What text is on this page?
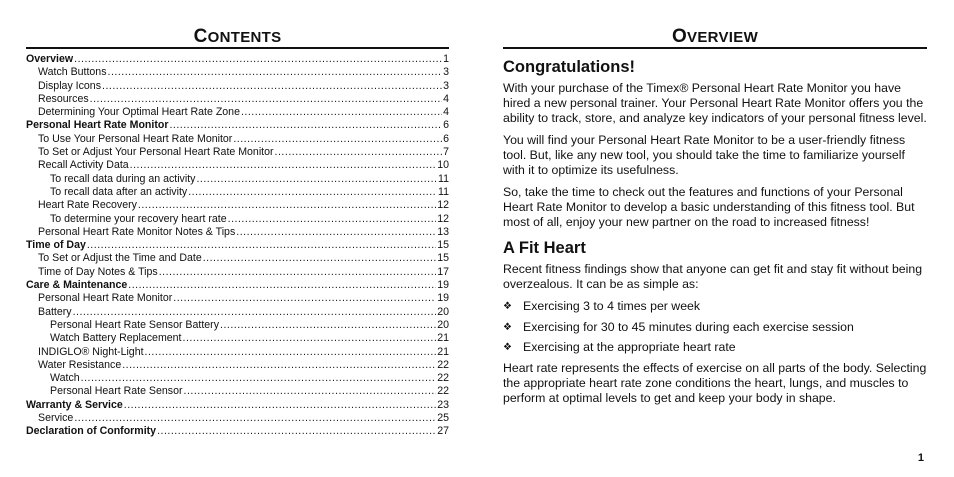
CONTENTS
Overview .....	1
Watch Buttons .....	3
Display Icons .....	3
Resources .....	4
Determining Your Optimal Heart Rate Zone .....	4
Personal Heart Rate Monitor .....	6
To Use Your Personal Heart Rate Monitor .....	6
To Set or Adjust Your Personal Heart Rate Monitor .....	7
Recall Activity Data .....	10
To recall data during an activity .....	11
To recall data after an activity .....	11
Heart Rate Recovery .....	12
To determine your recovery heart rate .....	12
Personal Heart Rate Monitor Notes & Tips .....	13
Time of Day .....	15
To Set or Adjust the Time and Date .....	15
Time of Day Notes & Tips .....	17
Care & Maintenance .....	19
Personal Heart Rate Monitor .....	19
Battery .....	20
Personal Heart Rate Sensor Battery .....	20
Watch Battery Replacement .....	21
INDIGLO® Night-Light .....	21
Water Resistance .....	22
Watch .....	22
Personal Heart Rate Sensor .....	22
Warranty & Service .....	23
Service .....	25
Declaration of Conformity .....	27
OVERVIEW
Congratulations!

With your purchase of the Timex® Personal Heart Rate Monitor you have hired a new personal trainer. Your Personal Heart Rate Monitor offers you the ability to track, store, and analyze key indicators of your personal fitness level.

You will find your Personal Heart Rate Monitor to be a user-friendly fitness tool. But, like any new tool, you should take the time to familiarize yourself with it to optimize its usefulness.

So, take the time to check out the features and functions of your Personal Heart Rate Monitor to develop a basic understanding of this fitness tool. But most of all, enjoy your new partner on the road to increased fitness!

A Fit Heart

Recent fitness findings show that anyone can get fit and stay fit without being overzealous. It can be as simple as:

❖ Exercising 3 to 4 times per week
❖ Exercising for 30 to 45 minutes during each exercise session
❖ Exercising at the appropriate heart rate

Heart rate represents the effects of exercise on all parts of the body. Selecting the appropriate heart rate zone conditions the heart, lungs, and muscles to perform at optimal levels to get and keep your body in shape.

1
